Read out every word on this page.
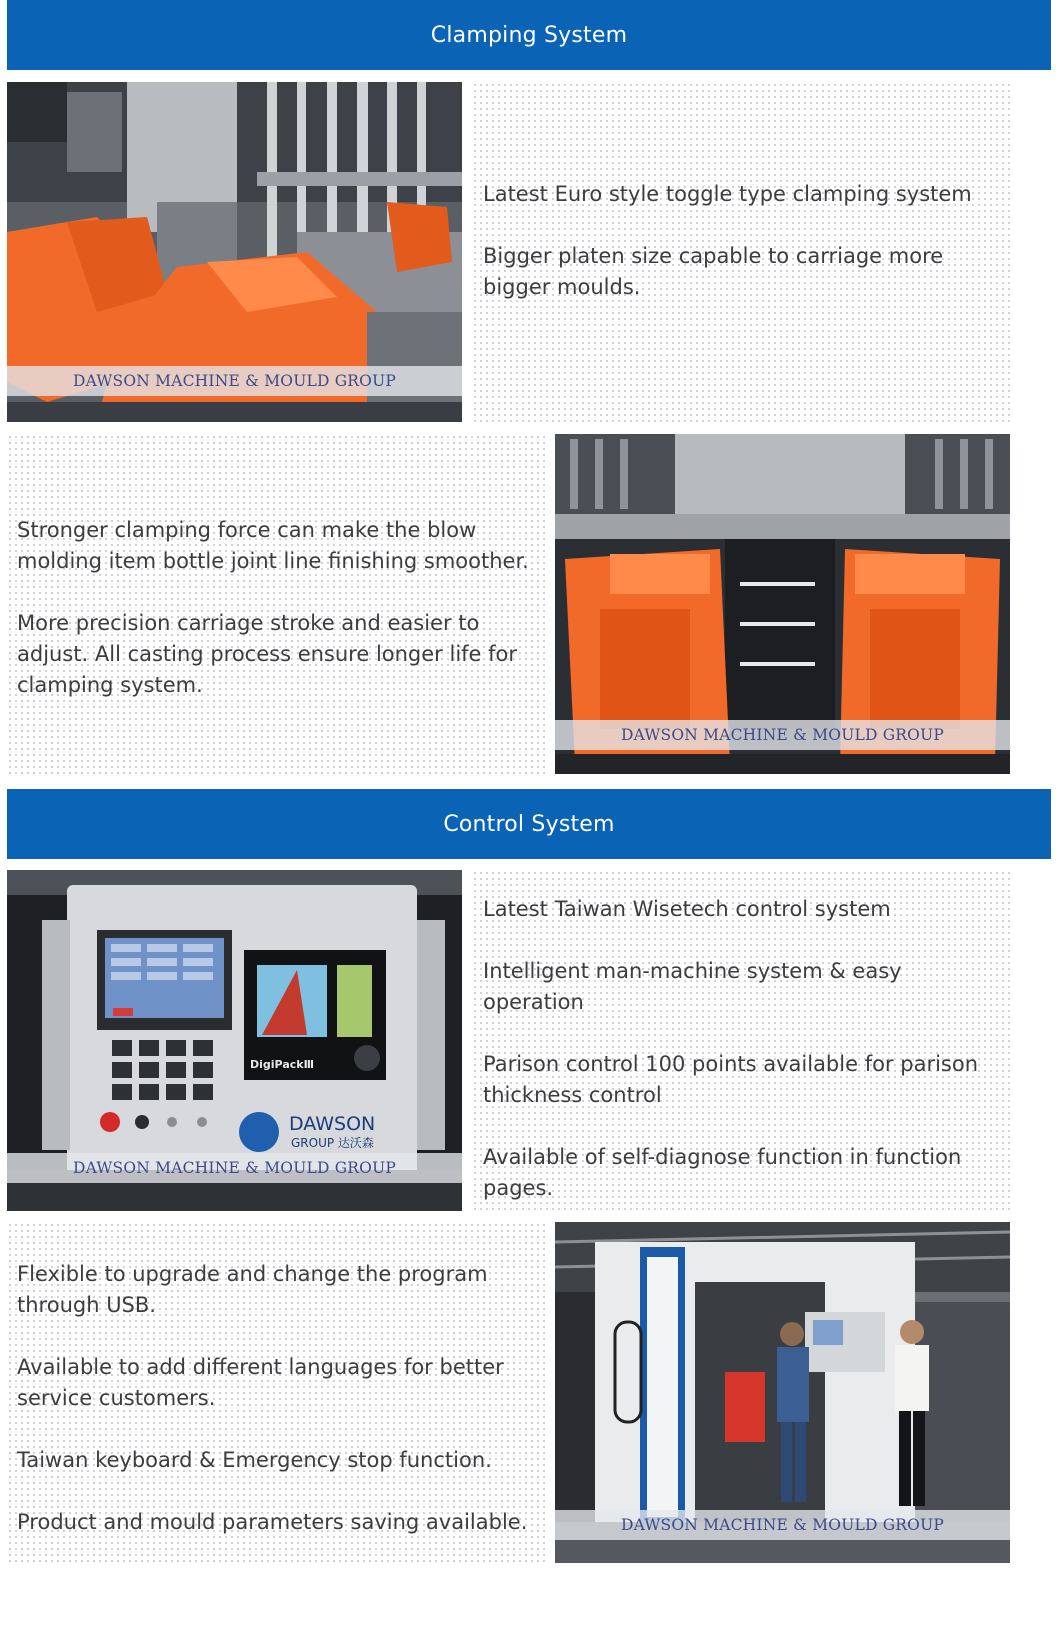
Clamping System
DAWSON MACHINE & MOULD GROUP

Latest Euro style toggle type clamping system

Bigger platen size capable to carriage more bigger moulds.

Stronger clamping force can make the blow molding item bottle joint line finishing smoother.

More precision carriage stroke and easier to adjust. All casting process ensure longer life for clamping system.

DAWSON MACHINE & MOULD GROUP
Control System
DigiPackⅢ
DAWSON
GROUP 达沃森
DAWSON MACHINE & MOULD GROUP

Latest Taiwan Wisetech control system

Intelligent man-machine system & easy operation

Parison control 100 points available for parison thickness control

Available of self-diagnose function in function pages.

Flexible to upgrade and change the program through USB.

Available to add different languages for better service customers.

Taiwan keyboard & Emergency stop function.

Product and mould parameters saving available.	DAWSON MACHINE & MOULD GROUP
